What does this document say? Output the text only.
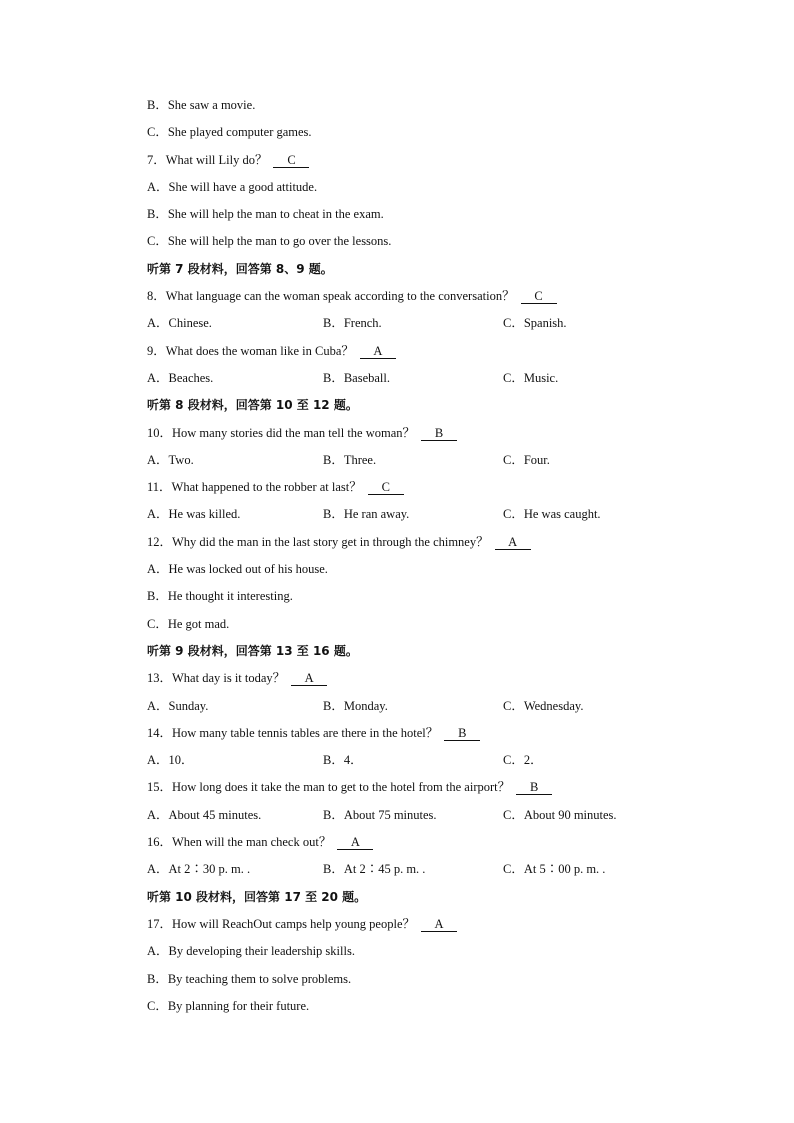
B．She saw a movie.
C．She played computer games.
7．What will Lily do？ C
A．She will have a good attitude.
B．She will help the man to cheat in the exam.
C．She will help the man to go over the lessons.
听第 7 段材料，回答第 8、9 题。
8．What language can the woman speak according to the conversation？ C
A．Chinese.	B．French.	C．Spanish.
9．What does the woman like in Cuba？ A
A．Beaches.	B．Baseball.	C．Music.
听第 8 段材料，回答第 10 至 12 题。
10．How many stories did the man tell the woman？ B
A．Two.	B．Three.	C．Four.
11．What happened to the robber at last？ C
A．He was killed.	B．He ran away.	C．He was caught.
12．Why did the man in the last story get in through the chimney？ A
A．He was locked out of his house.
B．He thought it interesting.
C．He got mad.
听第 9 段材料，回答第 13 至 16 题。
13．What day is it today？ A
A．Sunday.	B．Monday.	C．Wednesday.
14．How many table tennis tables are there in the hotel？ B
A．10．	B．4．	C．2．
15．How long does it take the man to get to the hotel from the airport？ B
A．About 45 minutes.	B．About 75 minutes.	C．About 90 minutes.
16．When will the man check out？ A
A．At 2∶30 p. m. .	B．At 2∶45 p. m. .	C．At 5∶00 p. m. .
听第 10 段材料，回答第 17 至 20 题。
17．How will ReachOut camps help young people？ A
A．By developing their leadership skills.
B．By teaching them to solve problems.
C．By planning for their future.
